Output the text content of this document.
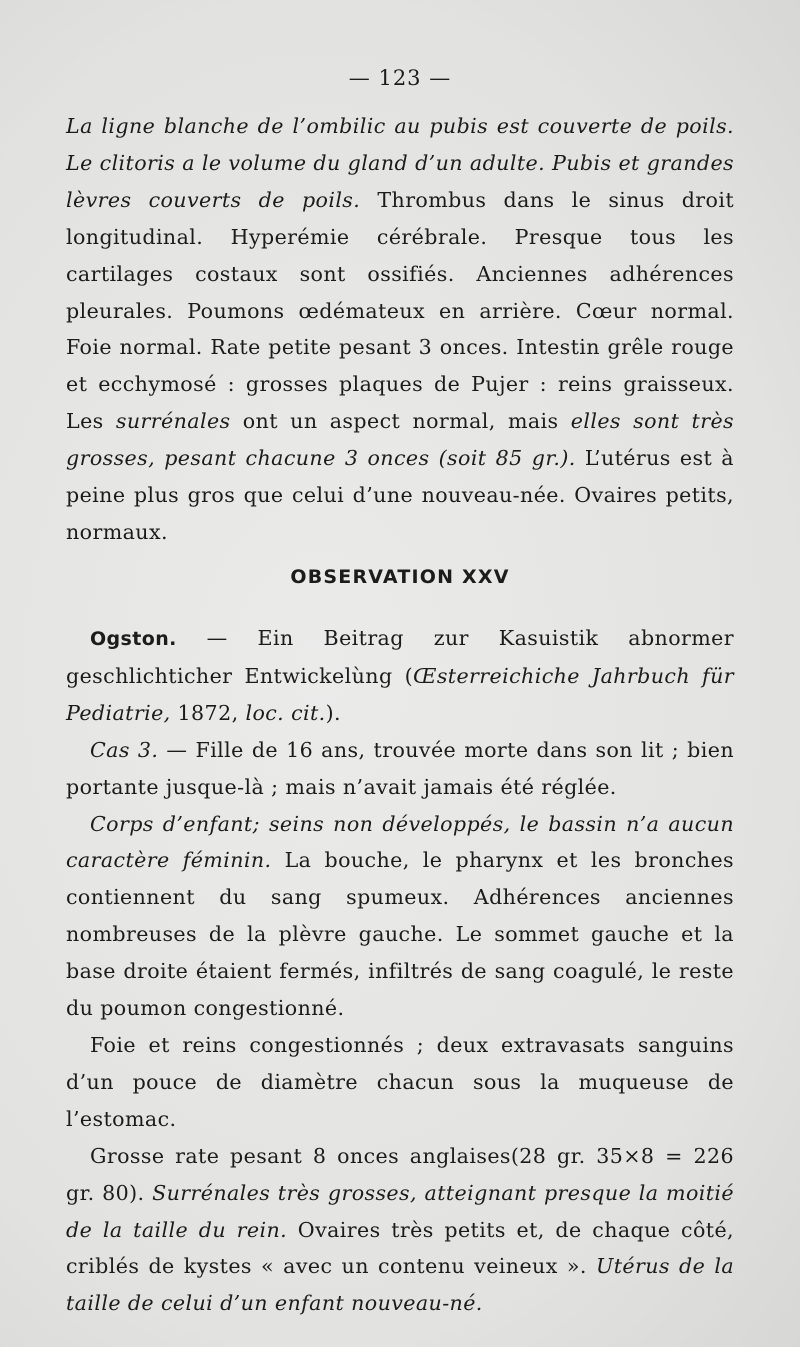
— 123 —

La ligne blanche de l’ombilic au pubis est couverte de poils. Le clitoris a le volume du gland d’un adulte. Pubis et grandes lèvres couverts de poils. Thrombus dans le sinus droit longitudinal. Hyperémie cérébrale. Presque tous les cartilages costaux sont ossifiés. Anciennes adhérences pleurales. Poumons œdémateux en arrière. Cœur normal. Foie normal. Rate petite pesant 3 onces. Intestin grêle rouge et ecchymosé : grosses plaques de Pujer : reins graisseux. Les surrénales ont un aspect normal, mais elles sont très grosses, pesant chacune 3 onces (soit 85 gr.). L’utérus est à peine plus gros que celui d’une nouveau-née. Ovaires petits, normaux.

OBSERVATION XXV

Ogston. — Ein Beitrag zur Kasuistik abnormer geschlichticher Entwickelùng (Œsterreichiche Jahrbuch für Pediatrie, 1872, loc. cit.).

Cas 3. — Fille de 16 ans, trouvée morte dans son lit ; bien portante jusque-là ; mais n’avait jamais été réglée.

Corps d’enfant; seins non développés, le bassin n’a aucun caractère féminin. La bouche, le pharynx et les bronches contiennent du sang spumeux. Adhérences anciennes nombreuses de la plèvre gauche. Le sommet gauche et la base droite étaient fermés, infiltrés de sang coagulé, le reste du poumon congestionné.

Foie et reins congestionnés ; deux extravasats sanguins d’un pouce de diamètre chacun sous la muqueuse de l’estomac.

Grosse rate pesant 8 onces anglaises(28 gr. 35×8 = 226 gr. 80). Surrénales très grosses, atteignant presque la moitié de la taille du rein. Ovaires très petits et, de chaque côté, criblés de kystes « avec un contenu veineux ». Utérus de la taille de celui d’un enfant nouveau-né.
